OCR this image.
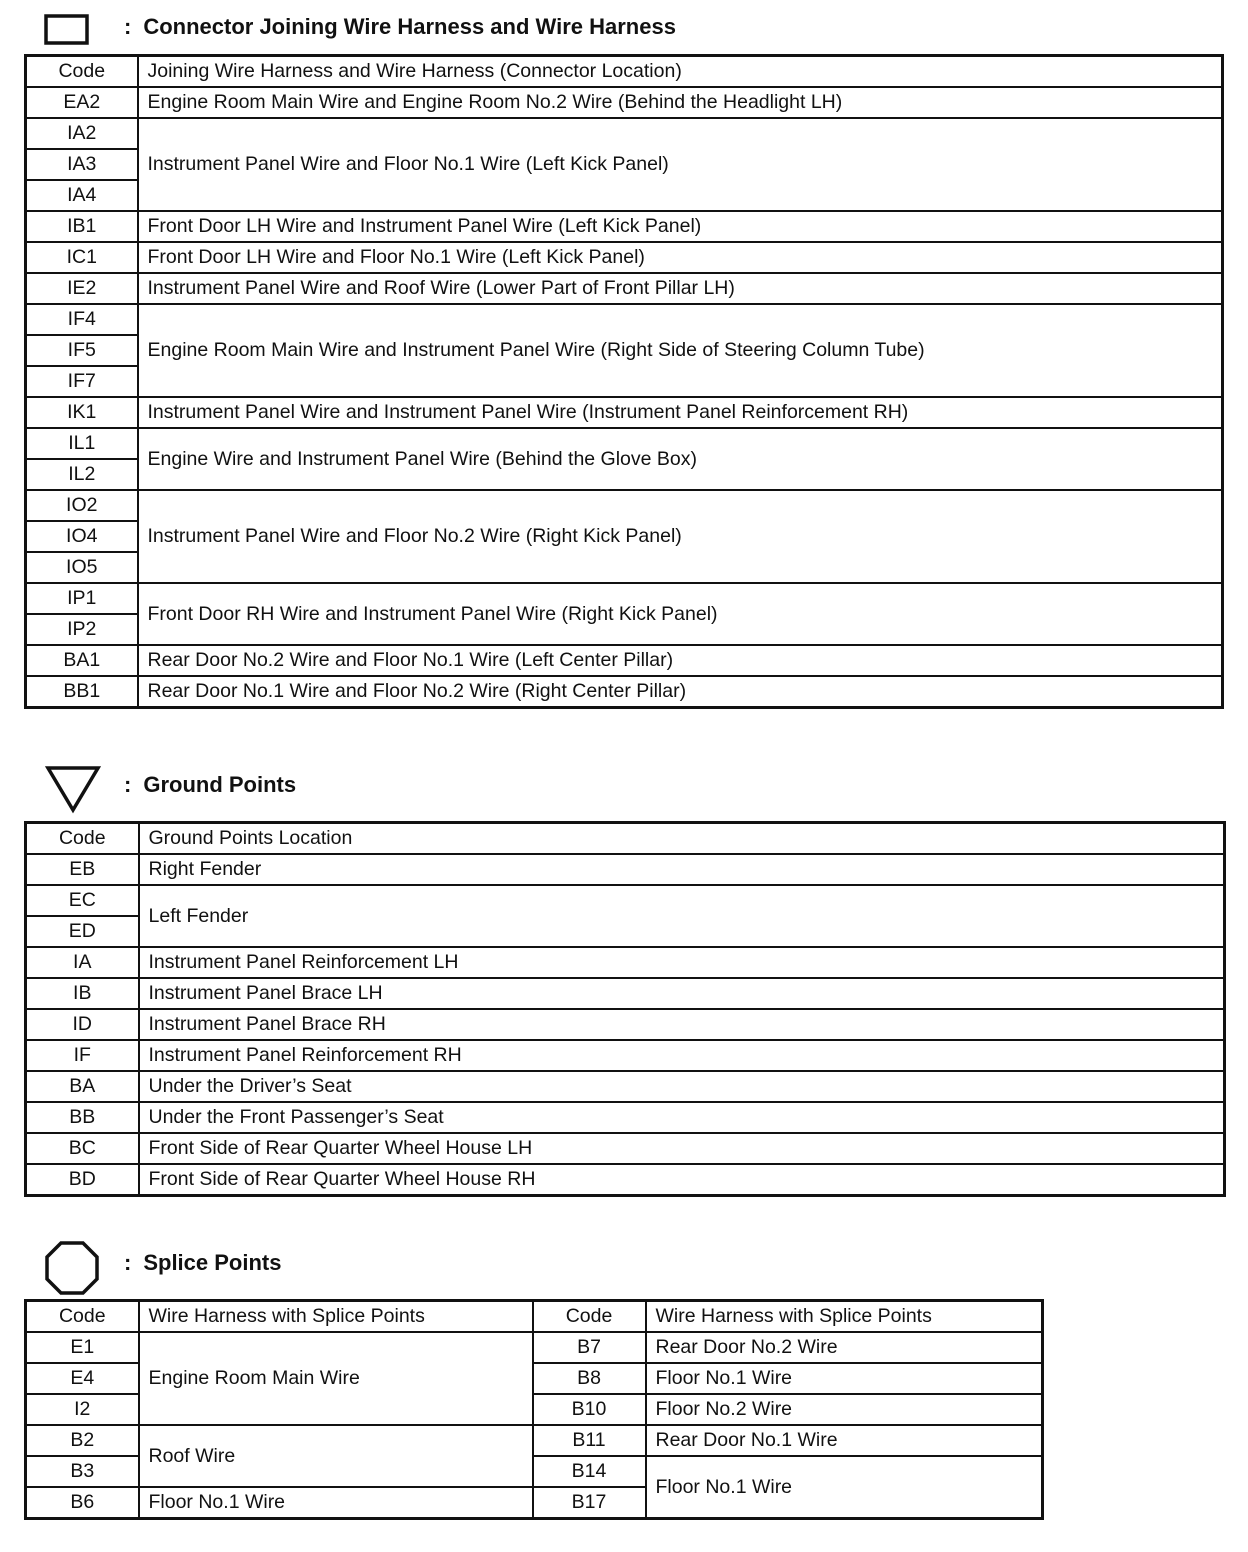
: Connector Joining Wire Harness and Wire Harness
Code	Joining Wire Harness and Wire Harness (Connector Location)
EA2	Engine Room Main Wire and Engine Room No.2 Wire (Behind the Headlight LH)
IA2	Instrument Panel Wire and Floor No.1 Wire (Left Kick Panel)
IA3	
IA4	
IB1	Front Door LH Wire and Instrument Panel Wire (Left Kick Panel)
IC1	Front Door LH Wire and Floor No.1 Wire (Left Kick Panel)
IE2	Instrument Panel Wire and Roof Wire (Lower Part of Front Pillar LH)
IF4	Engine Room Main Wire and Instrument Panel Wire (Right Side of Steering Column Tube)
IF5	
IF7	
IK1	Instrument Panel Wire and Instrument Panel Wire (Instrument Panel Reinforcement RH)
IL1	Engine Wire and Instrument Panel Wire (Behind the Glove Box)
IL2	
IO2	Instrument Panel Wire and Floor No.2 Wire (Right Kick Panel)
IO4	
IO5	
IP1	Front Door RH Wire and Instrument Panel Wire (Right Kick Panel)
IP2	
BA1	Rear Door No.2 Wire and Floor No.1 Wire (Left Center Pillar)
BB1	Rear Door No.1 Wire and Floor No.2 Wire (Right Center Pillar)
: Ground Points
Code	Ground Points Location
EB	Right Fender
EC	Left Fender
ED	
IA	Instrument Panel Reinforcement LH
IB	Instrument Panel Brace LH
ID	Instrument Panel Brace RH
IF	Instrument Panel Reinforcement RH
BA	Under the Driver’s Seat
BB	Under the Front Passenger’s Seat
BC	Front Side of Rear Quarter Wheel House LH
BD	Front Side of Rear Quarter Wheel House RH
: Splice Points
Code	Wire Harness with Splice Points	Code	Wire Harness with Splice Points
E1	Engine Room Main Wire	B7	Rear Door No.2 Wire
E4		B8	Floor No.1 Wire
I2		B10	Floor No.2 Wire
B2	Roof Wire	B11	Rear Door No.1 Wire
B3		B14	Floor No.1 Wire
B6	Floor No.1 Wire	B17	
